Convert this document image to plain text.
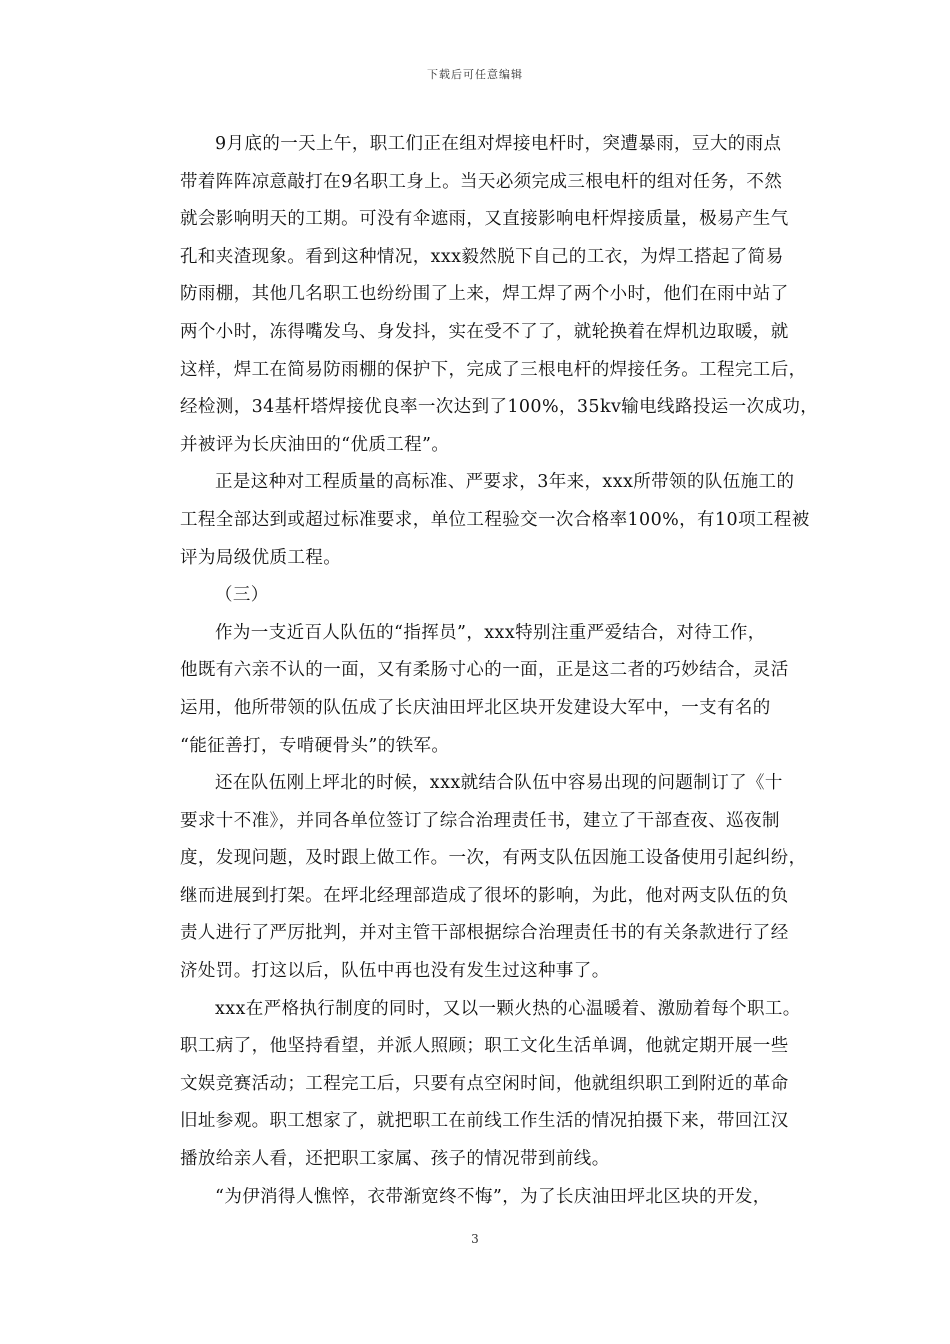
下载后可任意编辑
9月底的一天上午，职工们正在组对焊接电杆时，突遭暴雨，豆大的雨点
带着阵阵凉意敲打在9名职工身上。当天必须完成三根电杆的组对任务，不然
就会影响明天的工期。可没有伞遮雨，又直接影响电杆焊接质量，极易产生气
孔和夹渣现象。看到这种情况，xxx毅然脱下自己的工衣，为焊工搭起了简易
防雨棚，其他几名职工也纷纷围了上来，焊工焊了两个小时，他们在雨中站了
两个小时，冻得嘴发乌、身发抖，实在受不了了，就轮换着在焊机边取暖，就
这样，焊工在简易防雨棚的保护下，完成了三根电杆的焊接任务。工程完工后，
经检测，34基杆塔焊接优良率一次达到了100%，35kv输电线路投运一次成功，
并被评为长庆油田的“优质工程”。
正是这种对工程质量的高标准、严要求，3年来，xxx所带领的队伍施工的
工程全部达到或超过标准要求，单位工程验交一次合格率100%，有10项工程被
评为局级优质工程。
（三）
作为一支近百人队伍的“指挥员”，xxx特别注重严爱结合，对待工作，
他既有六亲不认的一面，又有柔肠寸心的一面，正是这二者的巧妙结合，灵活
运用，他所带领的队伍成了长庆油田坪北区块开发建设大军中，一支有名的
“能征善打，专啃硬骨头”的铁军。
还在队伍刚上坪北的时候，xxx就结合队伍中容易出现的问题制订了《十
要求十不准》，并同各单位签订了综合治理责任书，建立了干部查夜、巡夜制
度，发现问题，及时跟上做工作。一次，有两支队伍因施工设备使用引起纠纷，
继而进展到打架。在坪北经理部造成了很坏的影响，为此，他对两支队伍的负
责人进行了严厉批判，并对主管干部根据综合治理责任书的有关条款进行了经
济处罚。打这以后，队伍中再也没有发生过这种事了。
xxx在严格执行制度的同时，又以一颗火热的心温暖着、激励着每个职工。
职工病了，他坚持看望，并派人照顾；职工文化生活单调，他就定期开展一些
文娱竞赛活动；工程完工后，只要有点空闲时间，他就组织职工到附近的革命
旧址参观。职工想家了，就把职工在前线工作生活的情况拍摄下来，带回江汉
播放给亲人看，还把职工家属、孩子的情况带到前线。
“为伊消得人憔悴，衣带渐宽终不悔”，为了长庆油田坪北区块的开发，
3
